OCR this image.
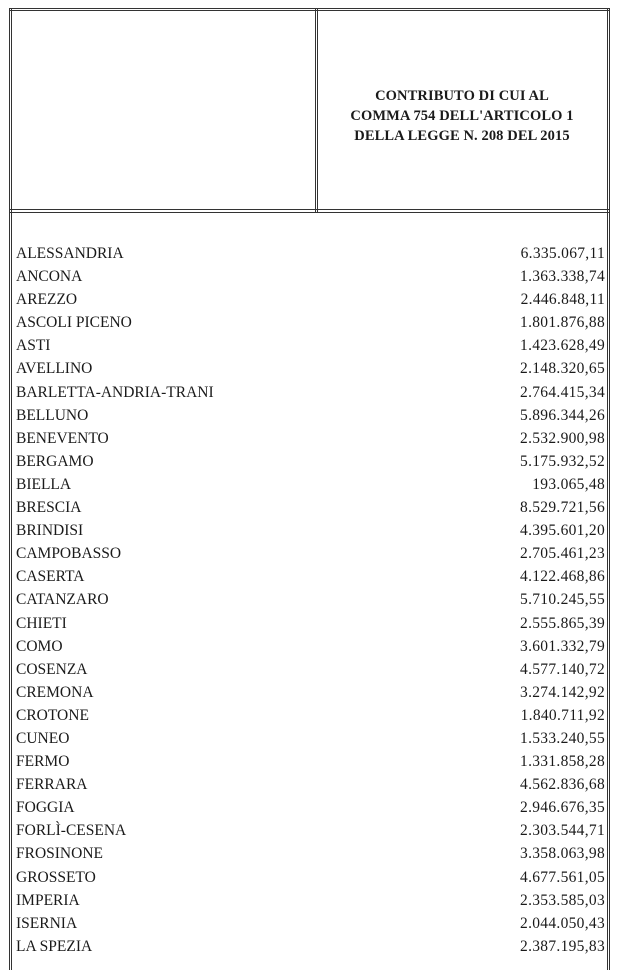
CONTRIBUTO DI CUI AL
COMMA 754 DELL'ARTICOLO 1
DELLA LEGGE N. 208 DEL 2015
ALESSANDRIA	6.335.067,11
ANCONA	1.363.338,74
AREZZO	2.446.848,11
ASCOLI PICENO	1.801.876,88
ASTI	1.423.628,49
AVELLINO	2.148.320,65
BARLETTA-ANDRIA-TRANI	2.764.415,34
BELLUNO	5.896.344,26
BENEVENTO	2.532.900,98
BERGAMO	5.175.932,52
BIELLA	193.065,48
BRESCIA	8.529.721,56
BRINDISI	4.395.601,20
CAMPOBASSO	2.705.461,23
CASERTA	4.122.468,86
CATANZARO	5.710.245,55
CHIETI	2.555.865,39
COMO	3.601.332,79
COSENZA	4.577.140,72
CREMONA	3.274.142,92
CROTONE	1.840.711,92
CUNEO	1.533.240,55
FERMO	1.331.858,28
FERRARA	4.562.836,68
FOGGIA	2.946.676,35
FORLÌ-CESENA	2.303.544,71
FROSINONE	3.358.063,98
GROSSETO	4.677.561,05
IMPERIA	2.353.585,03
ISERNIA	2.044.050,43
LA SPEZIA	2.387.195,83
